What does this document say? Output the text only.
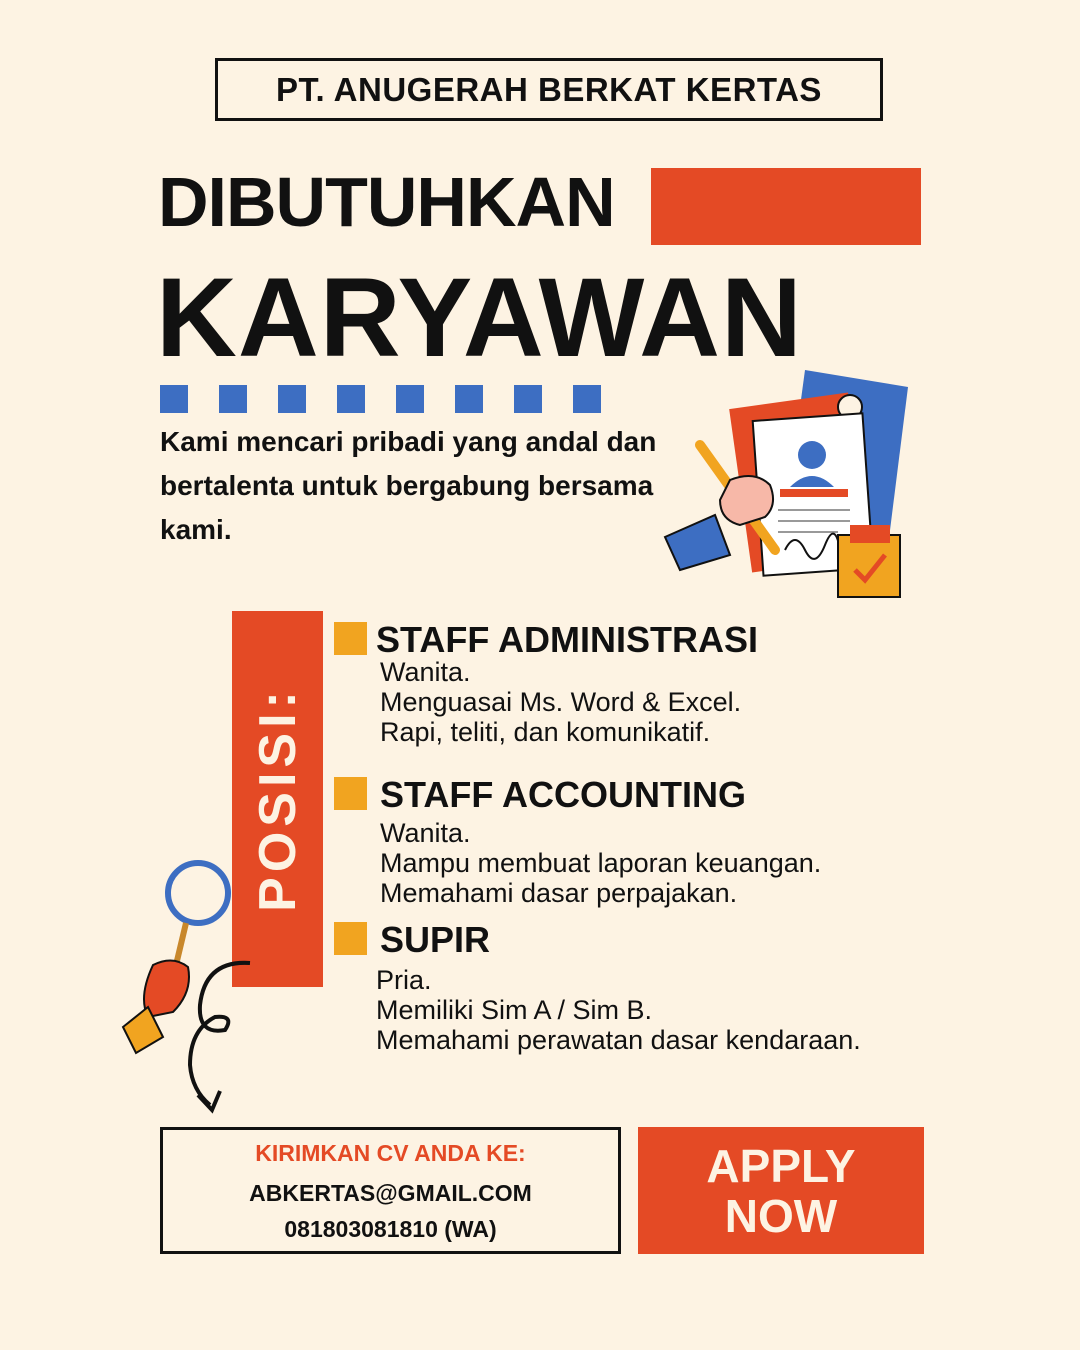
PT. ANUGERAH BERKAT KERTAS
DIBUTUHKAN
KARYAWAN
Kami mencari pribadi yang andal dan bertalenta untuk bergabung bersama kami.
POSISI:
STAFF ADMINISTRASI
Wanita.
Menguasai Ms. Word & Excel.
Rapi, teliti, dan komunikatif.
STAFF ACCOUNTING
Wanita.
Mampu membuat laporan keuangan.
Memahami dasar perpajakan.
SUPIR
Pria.
Memiliki Sim A / Sim B.
Memahami perawatan dasar kendaraan.
KIRIMKAN CV ANDA KE:
ABKERTAS@GMAIL.COM
081803081810 (WA)
APPLY
NOW
